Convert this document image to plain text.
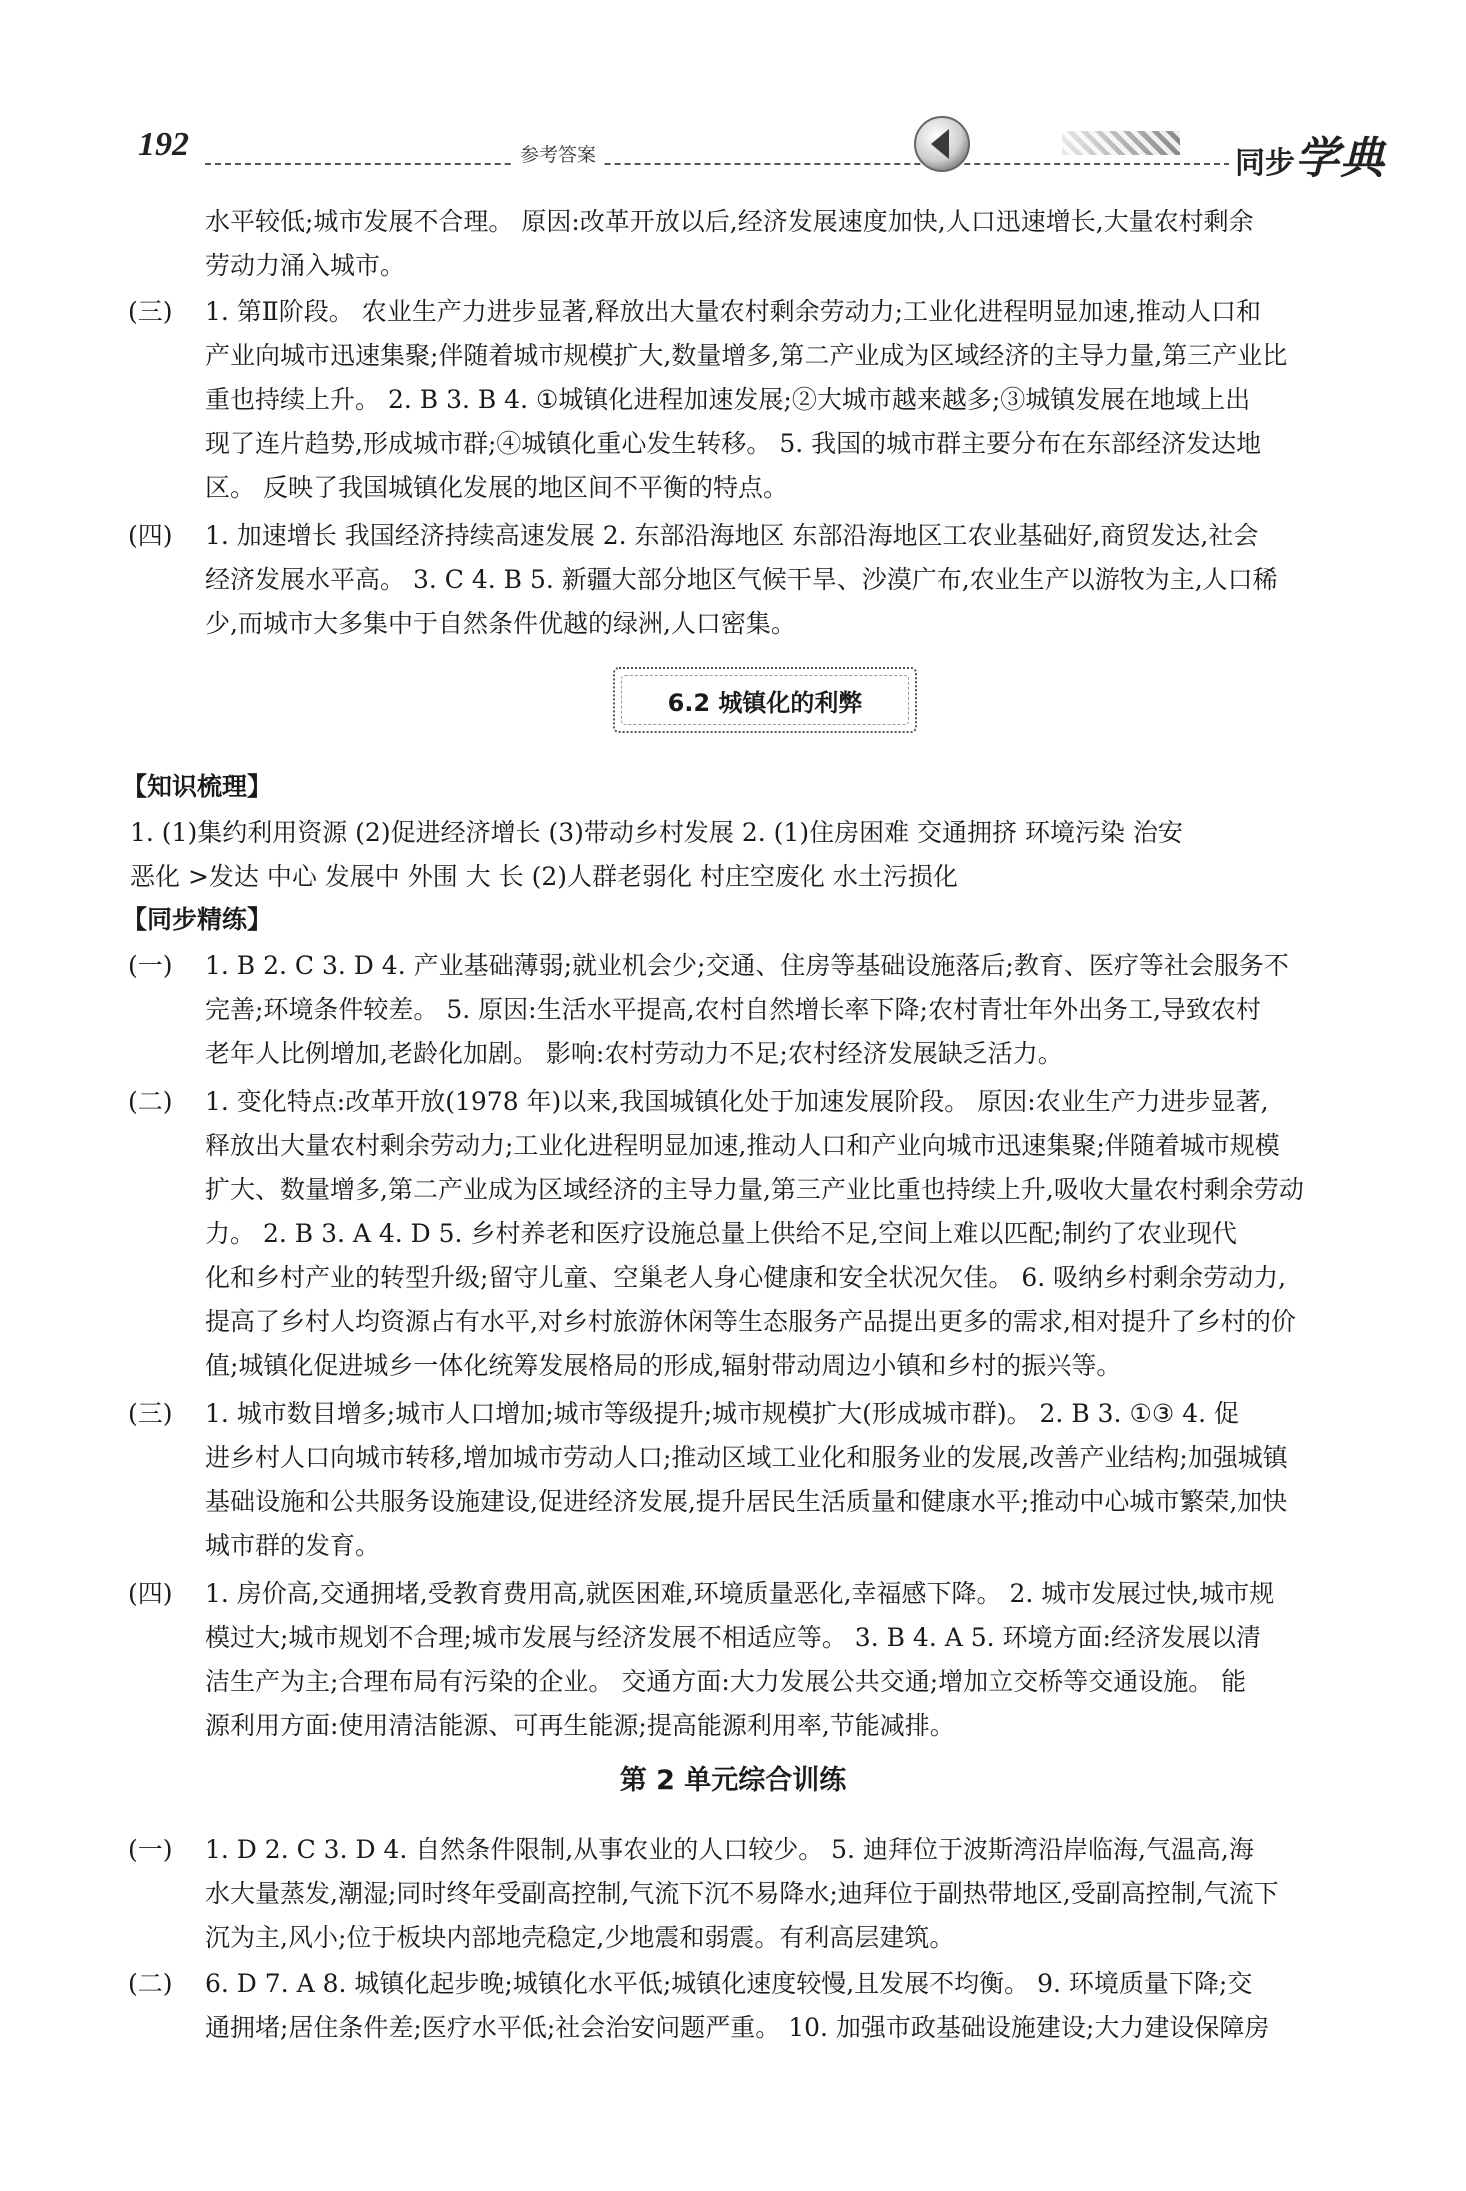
192	参考答案	同步学典
水平较低;城市发展不合理。 原因:改革开放以后,经济发展速度加快,人口迅速增长,大量农村剩余
劳动力涌入城市。
(三) 1. 第Ⅱ阶段。 农业生产力进步显著,释放出大量农村剩余劳动力;工业化进程明显加速,推动人口和
产业向城市迅速集聚;伴随着城市规模扩大,数量增多,第二产业成为区域经济的主导力量,第三产业比
重也持续上升。 2. B 3. B 4. ①城镇化进程加速发展;②大城市越来越多;③城镇发展在地域上出
现了连片趋势,形成城市群;④城镇化重心发生转移。 5. 我国的城市群主要分布在东部经济发达地
区。 反映了我国城镇化发展的地区间不平衡的特点。
(四) 1. 加速增长 我国经济持续高速发展 2. 东部沿海地区 东部沿海地区工农业基础好,商贸发达,社会
经济发展水平高。 3. C 4. B 5. 新疆大部分地区气候干旱、沙漠广布,农业生产以游牧为主,人口稀
少,而城市大多集中于自然条件优越的绿洲,人口密集。
6.2 城镇化的利弊
【知识梳理】
1. (1)集约利用资源 (2)促进经济增长 (3)带动乡村发展 2. (1)住房困难 交通拥挤 环境污染 治安
恶化 >发达 中心 发展中 外围 大 长 (2)人群老弱化 村庄空废化 水土污损化
【同步精练】
(一) 1. B 2. C 3. D 4. 产业基础薄弱;就业机会少;交通、住房等基础设施落后;教育、医疗等社会服务不
完善;环境条件较差。 5. 原因:生活水平提高,农村自然增长率下降;农村青壮年外出务工,导致农村
老年人比例增加,老龄化加剧。 影响:农村劳动力不足;农村经济发展缺乏活力。
(二) 1. 变化特点:改革开放(1978 年)以来,我国城镇化处于加速发展阶段。 原因:农业生产力进步显著,
释放出大量农村剩余劳动力;工业化进程明显加速,推动人口和产业向城市迅速集聚;伴随着城市规模
扩大、数量增多,第二产业成为区域经济的主导力量,第三产业比重也持续上升,吸收大量农村剩余劳动
力。 2. B 3. A 4. D 5. 乡村养老和医疗设施总量上供给不足,空间上难以匹配;制约了农业现代
化和乡村产业的转型升级;留守儿童、空巢老人身心健康和安全状况欠佳。 6. 吸纳乡村剩余劳动力,
提高了乡村人均资源占有水平,对乡村旅游休闲等生态服务产品提出更多的需求,相对提升了乡村的价
值;城镇化促进城乡一体化统筹发展格局的形成,辐射带动周边小镇和乡村的振兴等。
(三) 1. 城市数目增多;城市人口增加;城市等级提升;城市规模扩大(形成城市群)。 2. B 3. ①③ 4. 促
进乡村人口向城市转移,增加城市劳动人口;推动区域工业化和服务业的发展,改善产业结构;加强城镇
基础设施和公共服务设施建设,促进经济发展,提升居民生活质量和健康水平;推动中心城市繁荣,加快
城市群的发育。
(四) 1. 房价高,交通拥堵,受教育费用高,就医困难,环境质量恶化,幸福感下降。 2. 城市发展过快,城市规
模过大;城市规划不合理;城市发展与经济发展不相适应等。 3. B 4. A 5. 环境方面:经济发展以清
洁生产为主;合理布局有污染的企业。 交通方面:大力发展公共交通;增加立交桥等交通设施。 能
源利用方面:使用清洁能源、可再生能源;提高能源利用率,节能减排。
第 2 单元综合训练
(一) 1. D 2. C 3. D 4. 自然条件限制,从事农业的人口较少。 5. 迪拜位于波斯湾沿岸临海,气温高,海
水大量蒸发,潮湿;同时终年受副高控制,气流下沉不易降水;迪拜位于副热带地区,受副高控制,气流下
沉为主,风小;位于板块内部地壳稳定,少地震和弱震。有利高层建筑。
(二) 6. D 7. A 8. 城镇化起步晚;城镇化水平低;城镇化速度较慢,且发展不均衡。 9. 环境质量下降;交
通拥堵;居住条件差;医疗水平低;社会治安问题严重。 10. 加强市政基础设施建设;大力建设保障房
